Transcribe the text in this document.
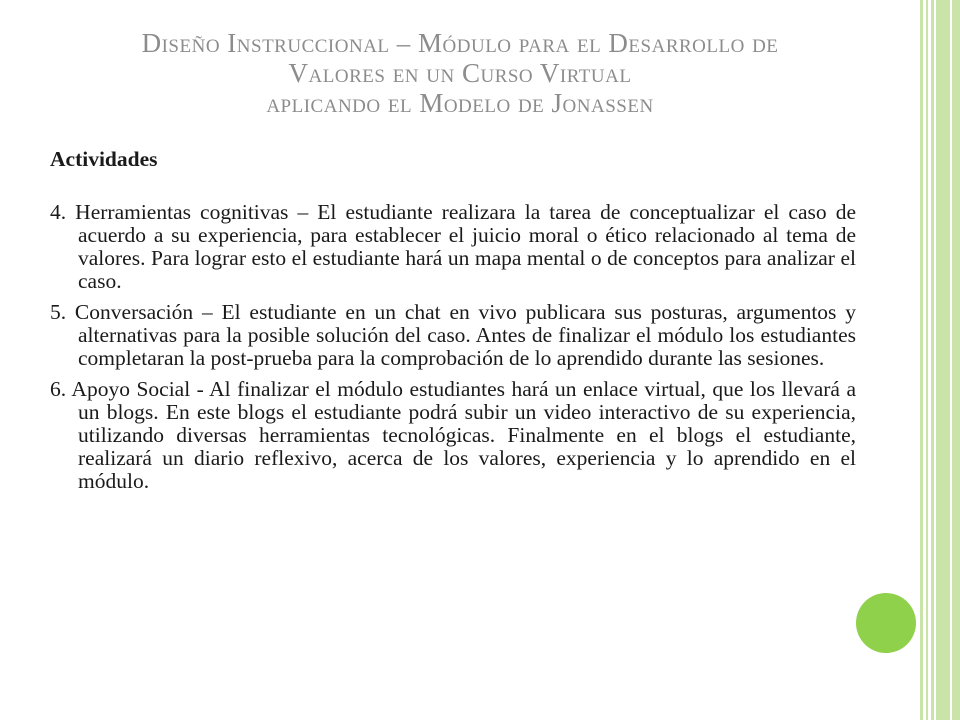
Diseño Instruccional – Módulo para el Desarrollo de
Valores en un Curso Virtual
aplicando el Modelo de Jonassen
Actividades
4. Herramientas cognitivas – El estudiante realizara la tarea de conceptualizar el caso de acuerdo a su experiencia, para establecer el juicio moral o ético relacionado al tema de valores. Para lograr esto el estudiante hará un mapa mental o de conceptos para analizar el caso.
5. Conversación – El estudiante en un chat en vivo publicara sus posturas, argumentos y alternativas para la posible solución del caso. Antes de finalizar el módulo los estudiantes completaran la post-prueba para la comprobación de lo aprendido durante las sesiones.
6. Apoyo Social - Al finalizar el módulo estudiantes hará un enlace virtual, que los llevará a un blogs. En este blogs el estudiante podrá subir un video interactivo de su experiencia, utilizando diversas herramientas tecnológicas. Finalmente en el blogs el estudiante, realizará un diario reflexivo, acerca de los valores, experiencia y lo aprendido en el módulo.
